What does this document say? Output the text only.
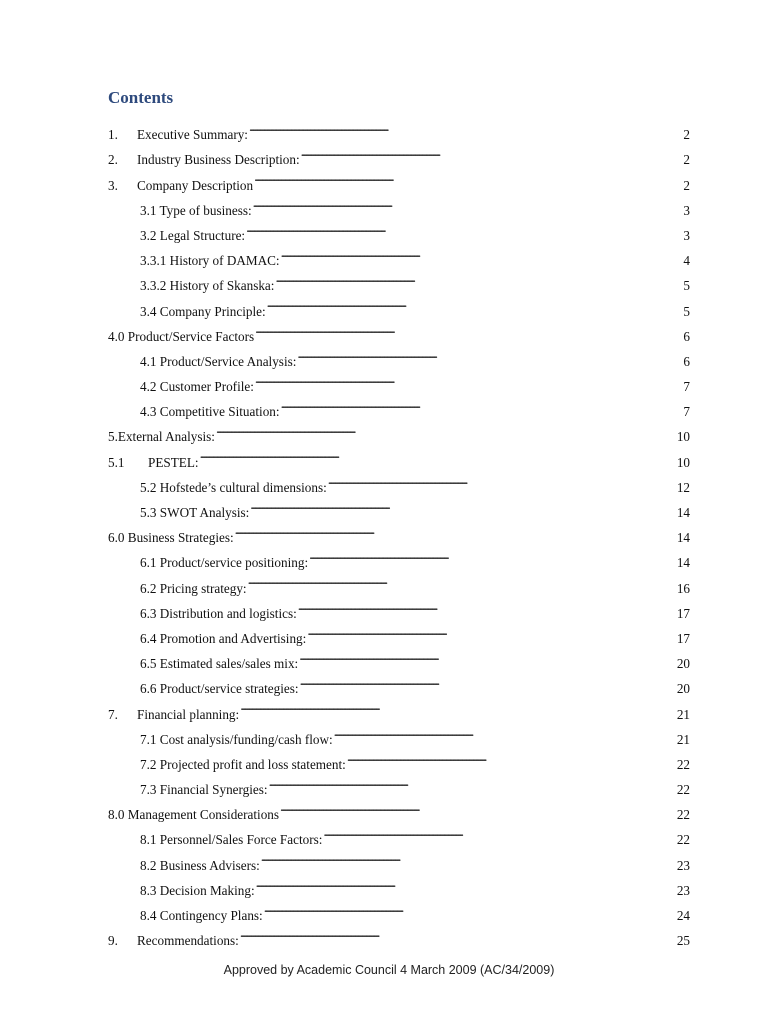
Contents
1.	Executive Summary: . . .	2
2.	Industry Business Description: . . .	2
3.	Company Description . . .	2
3.1 Type of business: . . .	3
3.2 Legal Structure: . . .	3
3.3.1 History of DAMAC: . . .	4
3.3.2 History of Skanska: . . .	5
3.4 Company Principle: . . .	5
4.0 Product/Service Factors . . .	6
4.1 Product/Service Analysis: . . .	6
4.2 Customer Profile: . . .	7
4.3 Competitive Situation: . . .	7
5.External Analysis: . . .	10
5.1	PESTEL: . . .	10
5.2 Hofstede’s cultural dimensions: . . .	12
5.3 SWOT Analysis: . . .	14
6.0 Business Strategies: . . .	14
6.1 Product/service positioning: . . .	14
6.2 Pricing strategy: . . .	16
6.3 Distribution and logistics: . . .	17
6.4 Promotion and Advertising: . . .	17
6.5 Estimated sales/sales mix: . . .	20
6.6 Product/service strategies: . . .	20
7.	Financial planning: . . .	21
7.1 Cost analysis/funding/cash flow: . . .	21
7.2 Projected profit and loss statement: . . .	22
7.3 Financial Synergies: . . .	22
8.0 Management Considerations . . .	22
8.1 Personnel/Sales Force Factors: . . .	22
8.2 Business Advisers: . . .	23
8.3 Decision Making: . . .	23
8.4 Contingency Plans: . . .	24
9.	Recommendations: . . .	25
Approved by Academic Council 4 March 2009 (AC/34/2009)
